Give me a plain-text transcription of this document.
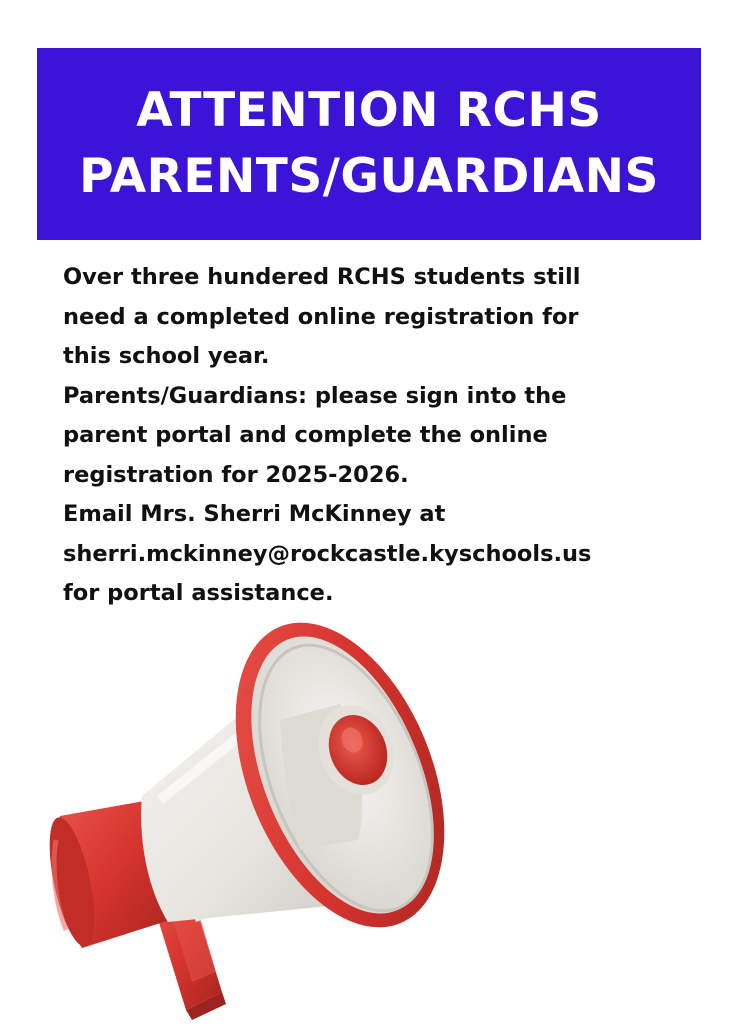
ATTENTION RCHS
PARENTS/GUARDIANS
Over three hundered RCHS students still
need a completed online registration for
this school year.
Parents/Guardians: please sign into the
parent portal and complete the online
registration for 2025-2026.
Email Mrs. Sherri McKinney at
sherri.mckinney@rockcastle.kyschools.us
for portal assistance.
